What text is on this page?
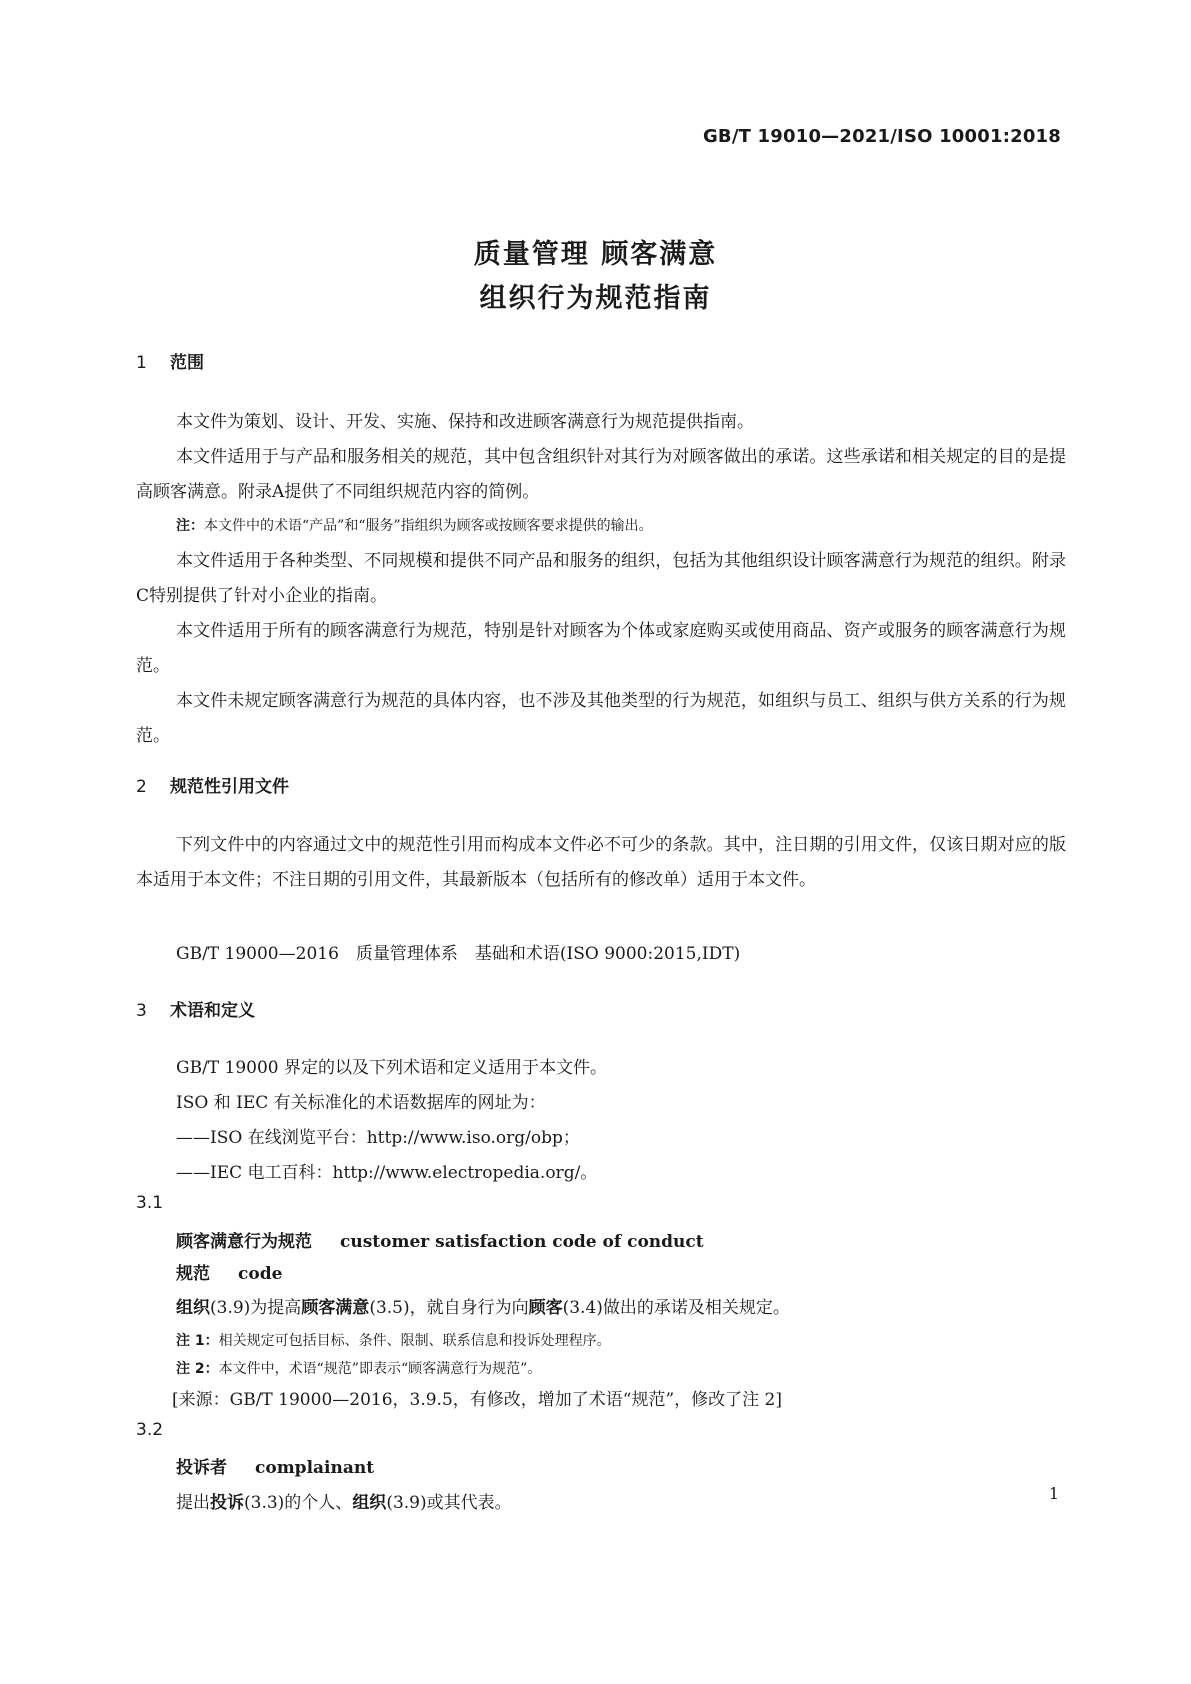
GB/T 19010—2021/ISO 10001:2018
质量管理 顾客满意
组织行为规范指南
1 范围
本文件为策划、设计、开发、实施、保持和改进顾客满意行为规范提供指南。
本文件适用于与产品和服务相关的规范，其中包含组织针对其行为对顾客做出的承诺。这些承诺和相关规定的目的是提高顾客满意。附录A提供了不同组织规范内容的简例。
注：本文件中的术语“产品”和“服务”指组织为顾客或按顾客要求提供的输出。
本文件适用于各种类型、不同规模和提供不同产品和服务的组织，包括为其他组织设计顾客满意行为规范的组织。附录C特别提供了针对小企业的指南。
本文件适用于所有的顾客满意行为规范，特别是针对顾客为个体或家庭购买或使用商品、资产或服务的顾客满意行为规范。
本文件未规定顾客满意行为规范的具体内容，也不涉及其他类型的行为规范，如组织与员工、组织与供方关系的行为规范。
2 规范性引用文件
下列文件中的内容通过文中的规范性引用而构成本文件必不可少的条款。其中，注日期的引用文件，仅该日期对应的版本适用于本文件；不注日期的引用文件，其最新版本（包括所有的修改单）适用于本文件。
GB/T 19000—2016　质量管理体系　基础和术语(ISO 9000:2015,IDT)
3 术语和定义
GB/T 19000 界定的以及下列术语和定义适用于本文件。
ISO 和 IEC 有关标准化的术语数据库的网址为：
——ISO 在线浏览平台：http://www.iso.org/obp；
——IEC 电工百科：http://www.electropedia.org/。
3.1
顾客满意行为规范 customer satisfaction code of conduct
规范 code
组织(3.9)为提高顾客满意(3.5)，就自身行为向顾客(3.4)做出的承诺及相关规定。
注 1：相关规定可包括目标、条件、限制、联系信息和投诉处理程序。
注 2：本文件中，术语“规范”即表示“顾客满意行为规范”。
[来源：GB/T 19000—2016，3.9.5，有修改，增加了术语“规范”，修改了注 2]
3.2
投诉者 complainant
提出投诉(3.3)的个人、组织(3.9)或其代表。	1
